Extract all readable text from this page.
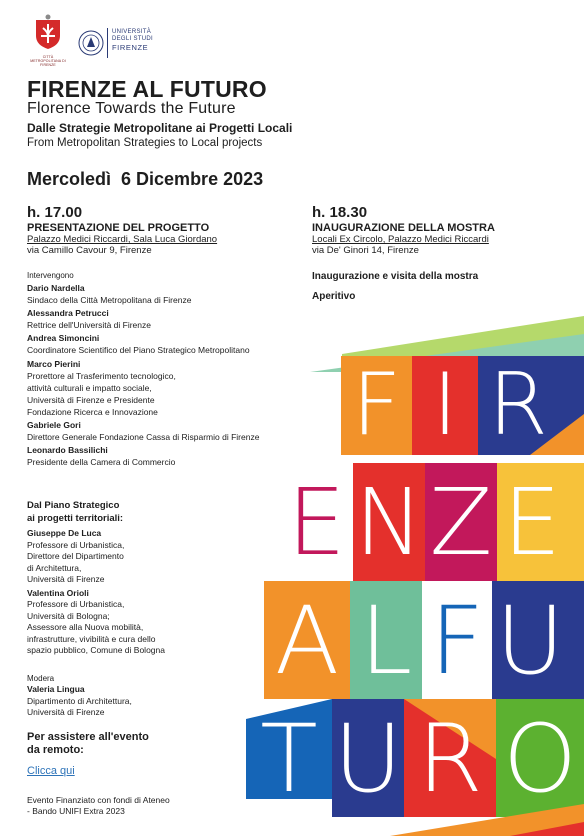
CITTÀ METROPOLITANA DI FIRENZE
UNIVERSITÀ
DEGLI STUDI
FIRENZE
FIRENZE AL FUTURO
Florence Towards the Future
Dalle Strategie Metropolitane ai Progetti Locali
From Metropolitan Strategies to Local projects
Mercoledì  6 Dicembre 2023
h. 17.00
PRESENTAZIONE DEL PROGETTO
Palazzo Medici Riccardi, Sala Luca Giordano
via Camillo Cavour 9, Firenze
Intervengono
Dario Nardella
Sindaco della Città Metropolitana di Firenze
Alessandra Petrucci
Rettrice dell'Università di Firenze
Andrea Simoncini
Coordinatore Scientifico del Piano Strategico Metropolitano
Marco Pierini
Prorettore al Trasferimento tecnologico,
attività culturali e impatto sociale,
Università di Firenze e Presidente
Fondazione Ricerca e Innovazione
Gabriele Gori
Direttore Generale Fondazione Cassa di Risparmio di Firenze
Leonardo Bassilichi
Presidente della Camera di Commercio
h. 18.30
INAUGURAZIONE DELLA MOSTRA
Locali Ex Circolo, Palazzo Medici Riccardi
via De' Ginori 14, Firenze
Inaugurazione e visita della mostra
Aperitivo
Dal Piano Strategico
ai progetti territoriali:
Giuseppe De Luca
Professore di Urbanistica,
Direttore del Dipartimento
di Architettura,
Università di Firenze
Valentina Orioli
Professore di Urbanistica,
Università di Bologna;
Assessore alla Nuova mobilità,
infrastrutture, vivibilità e cura dello
spazio pubblico, Comune di Bologna
Modera
Valeria Lingua
Dipartimento di Architettura,
Università di Firenze
Per assistere all'evento
da remoto:
Clicca qui
Evento Finanziato con fondi di Ateneo
- Bando UNIFI Extra 2023
F I R
E N Z E
A L F U
T U R O
